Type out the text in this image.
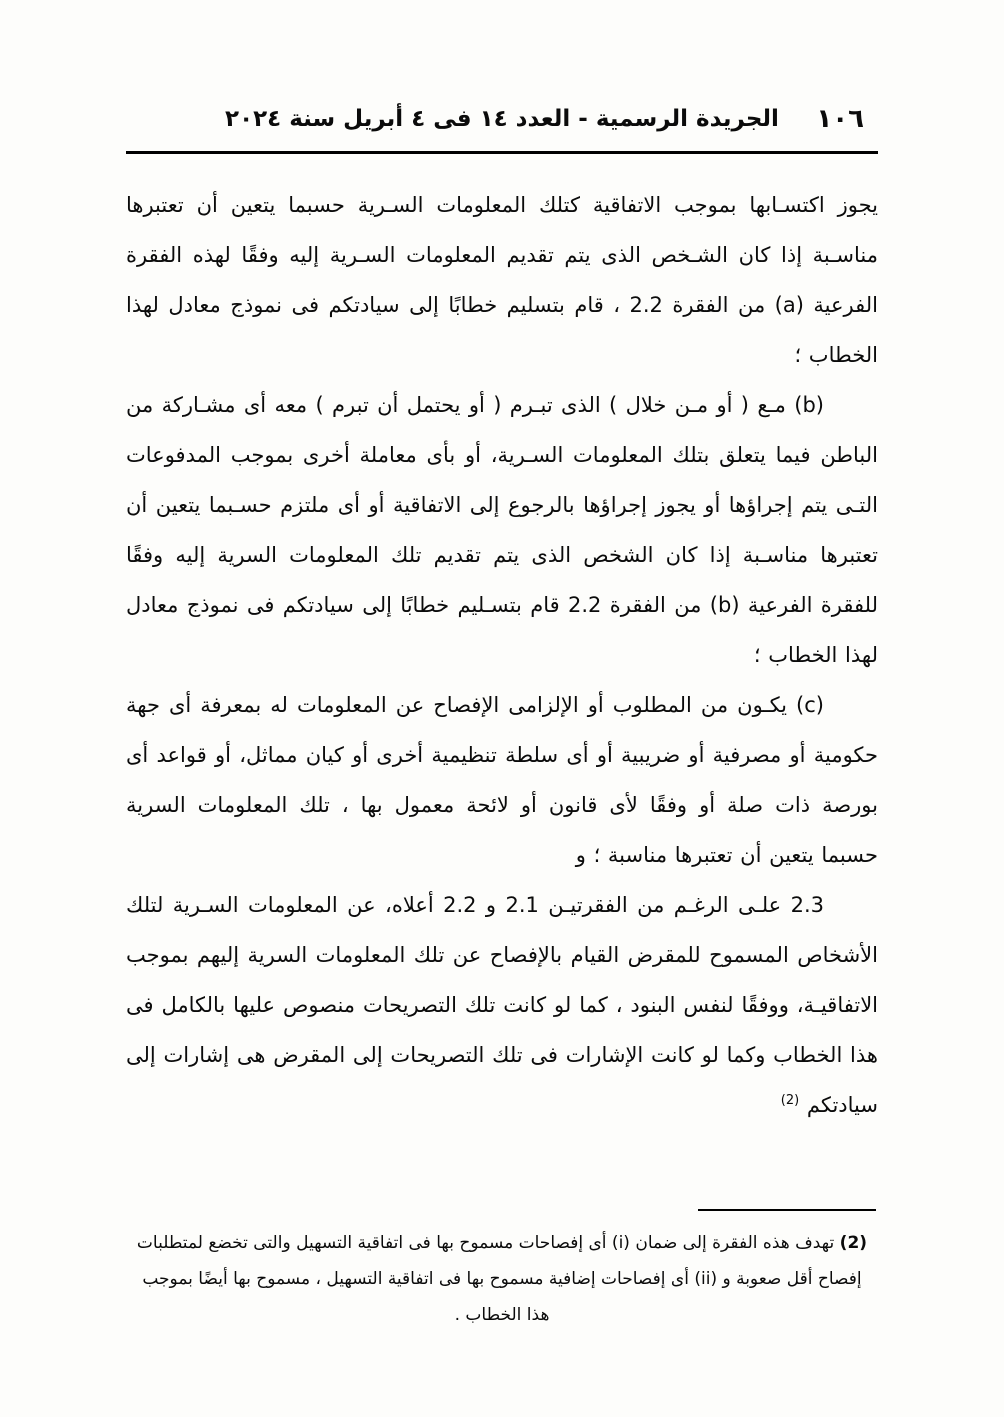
الجريدة الرسمية - العدد ١٤ فى ٤ أبريل سنة ٢٠٢٤ ١٠٦

يجوز اكتسـابها بموجب الاتفاقية كتلك المعلومات السـرية حسبما يتعين أن تعتبرها مناسـبة إذا كان الشـخص الذى يتم تقديم المعلومات السـرية إليه وفقًا لهذه الفقرة الفرعية (a) من الفقرة 2.2 ، قام بتسليم خطابًا إلى سيادتكم فى نموذج معادل لهذا الخطاب ؛

(b) مـع ( أو مـن خلال ) الذى تبـرم ( أو يحتمل أن تبرم ) معه أى مشـاركة من الباطن فيما يتعلق بتلك المعلومات السـرية، أو بأى معاملة أخرى بموجب المدفوعات التـى يتم إجراؤها أو يجوز إجراؤها بالرجوع إلى الاتفاقية أو أى ملتزم حسـبما يتعين أن تعتبرها مناسـبة إذا كان الشخص الذى يتم تقديم تلك المعلومات السرية إليه وفقًا للفقرة الفرعية (b) من الفقرة 2.2 قام بتسـليم خطابًا إلى سيادتكم فى نموذج معادل لهذا الخطاب ؛

(c) يكـون من المطلوب أو الإلزامى الإفصاح عن المعلومات له بمعرفة أى جهة حكومية أو مصرفية أو ضريبية أو أى سلطة تنظيمية أخرى أو كيان مماثل، أو قواعد أى بورصة ذات صلة أو وفقًا لأى قانون أو لائحة معمول بها ، تلك المعلومات السرية حسبما يتعين أن تعتبرها مناسبة ؛ و

2.3 علـى الرغـم من الفقرتيـن 2.1 و 2.2 أعلاه، عن المعلومات السـرية لتلك الأشخاص المسموح للمقرض القيام بالإفصاح عن تلك المعلومات السرية إليهم بموجب الاتفاقيـة، ووفقًا لنفس البنود ، كما لو كانت تلك التصريحات منصوص عليها بالكامل فى هذا الخطاب وكما لو كانت الإشارات فى تلك التصريحات إلى المقرض هى إشارات إلى سيادتكم $^{(2)}$

(2) تهدف هذه الفقرة إلى ضمان (i) أى إفصاحات مسموح بها فى اتفاقية التسهيل والتى تخضع لمتطلبات إفصاح أقل صعوبة و (ii) أى إفصاحات إضافية مسموح بها فى اتفاقية التسهيل ، مسموح بها أيضًا بموجب هذا الخطاب .
